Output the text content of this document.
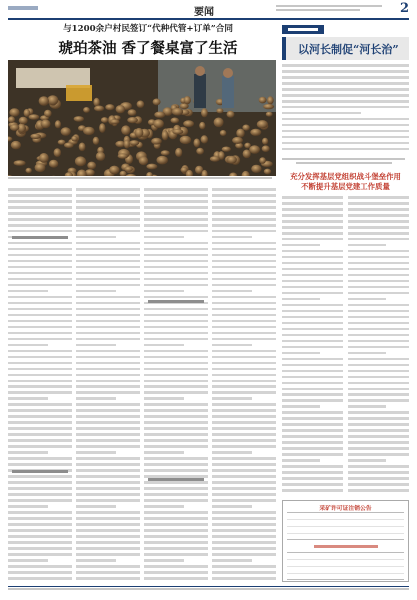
要闻	2
与1200余户村民签订“代种代管+订单”合同
琥珀茶油 香了餐桌富了生活	以河长制促“河长治”
充分发挥基层党组织战斗堡垒作用
不断提升基层党建工作质量
采矿许可证注销公告
